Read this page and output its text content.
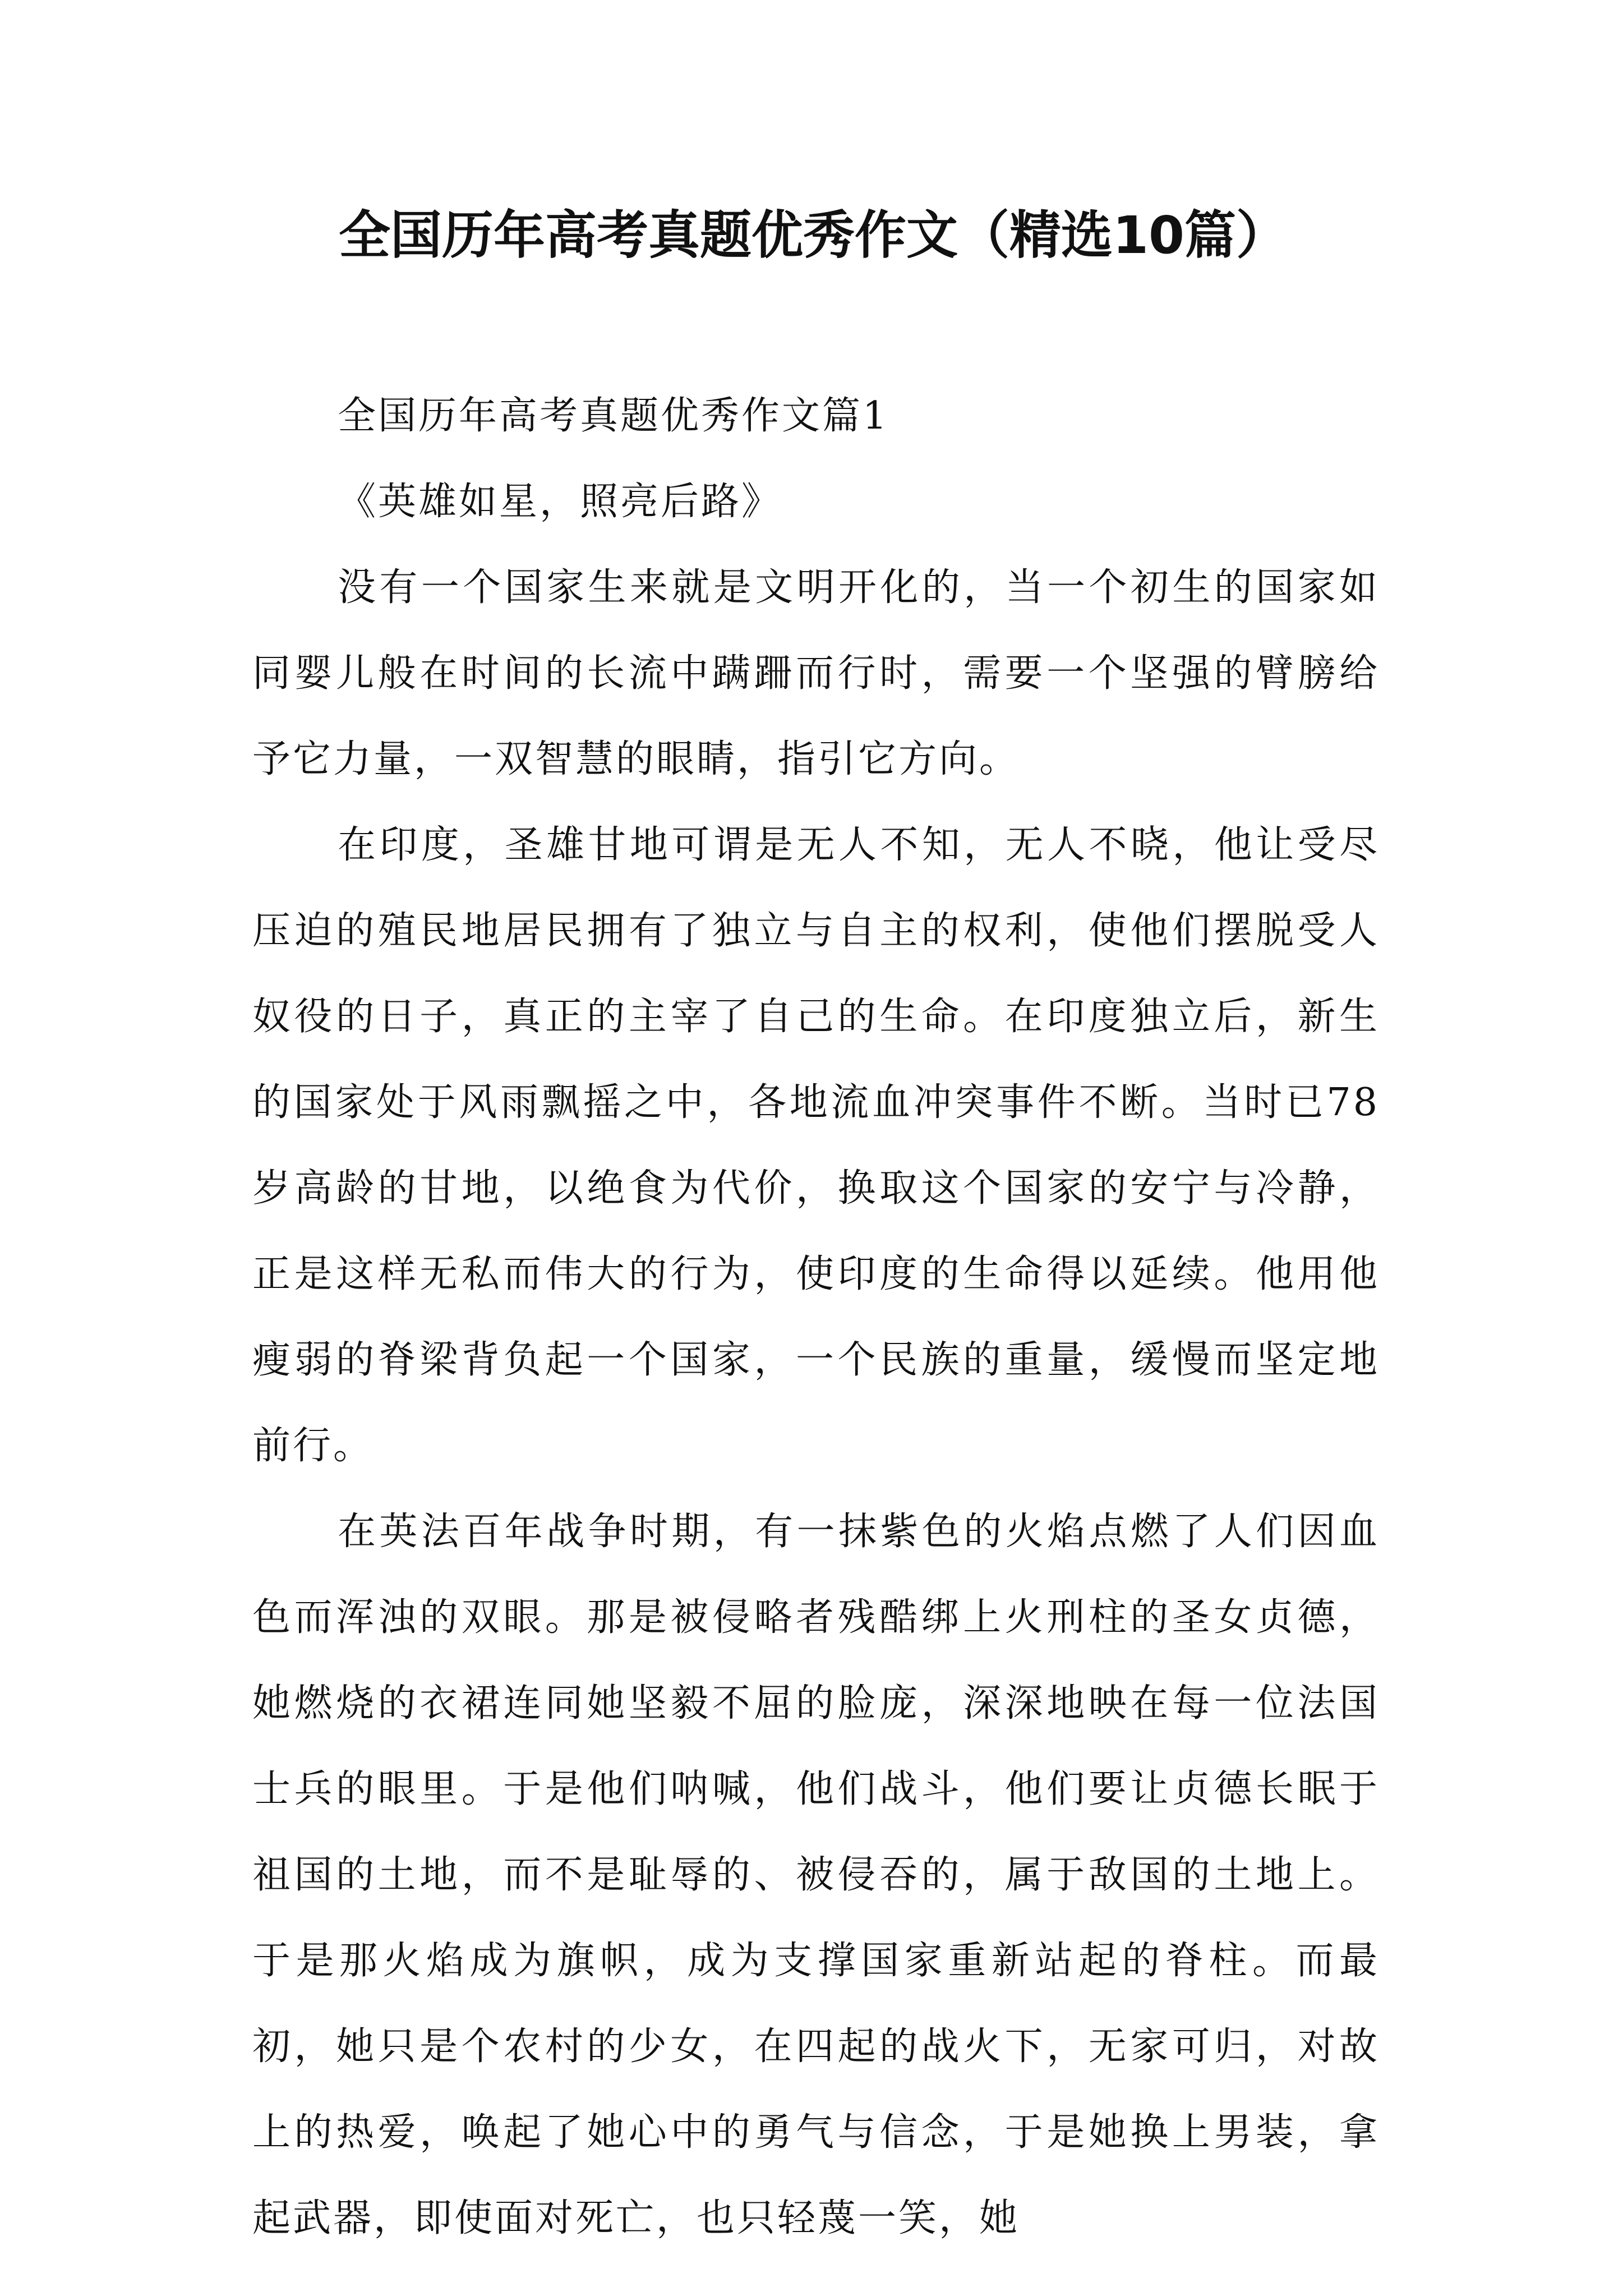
全国历年高考真题优秀作文（精选10篇）

全国历年高考真题优秀作文篇1

《英雄如星，照亮后路》

没有一个国家生来就是文明开化的，当一个初生的国家如同婴儿般在时间的长流中蹒跚而行时，需要一个坚强的臂膀给予它力量，一双智慧的眼睛，指引它方向。

在印度，圣雄甘地可谓是无人不知，无人不晓，他让受尽压迫的殖民地居民拥有了独立与自主的权利，使他们摆脱受人奴役的日子，真正的主宰了自己的生命。在印度独立后，新生的国家处于风雨飘摇之中，各地流血冲突事件不断。当时已78岁高龄的甘地，以绝食为代价，换取这个国家的安宁与冷静，正是这样无私而伟大的行为，使印度的生命得以延续。他用他瘦弱的脊梁背负起一个国家，一个民族的重量，缓慢而坚定地前行。

在英法百年战争时期，有一抹紫色的火焰点燃了人们因血色而浑浊的双眼。那是被侵略者残酷绑上火刑柱的圣女贞德，她燃烧的衣裙连同她坚毅不屈的脸庞，深深地映在每一位法国士兵的眼里。于是他们呐喊，他们战斗，他们要让贞德长眠于祖国的土地，而不是耻辱的、被侵吞的，属于敌国的土地上。于是那火焰成为旗帜，成为支撑国家重新站起的脊柱。而最初，她只是个农村的少女，在四起的战火下，无家可归，对故上的热爱，唤起了她心中的勇气与信念，于是她换上男装，拿起武器，即使面对死亡，也只轻蔑一笑，她
